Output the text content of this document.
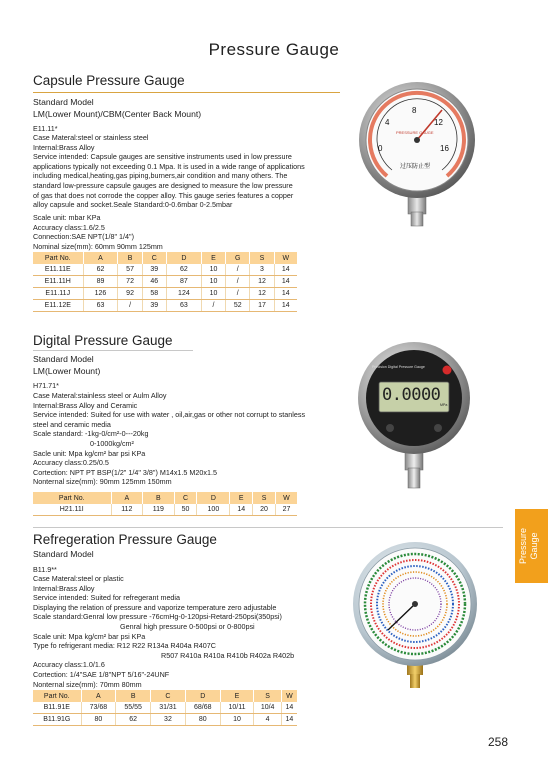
Pressure Gauge
Capsule Pressure Gauge
Standard Model
LM(Lower Mount)/CBM(Center Back Mount)
E11.11*
Case Materal:steel or stainless steel
Internal:Brass Alloy
Service intended: Capsule gauges are sensitive instruments used in low pressure
applications typically not exceeding 0.1 Mpa. It is used in a wide range of applications
including medical,heating,gas piping,burners,air condition and many others. The
standard low-pressure capsule gauges are designed to measure the low pressure
of gas that does not corrode the copper alloy. This gauge series features a copper
alloy capsule and socket.Seale Standard:0-0.6mbar 0-2.5mbar
Scale unit: mbar KPa
Accuracy class:1.6/2.5
Connection:SAE NPT(1/8" 1/4")
Nominal size(mm): 60mm 90mm 125mm
0
4
8
12
16
PRESSURE GAUGE
过压防止型
Part No.	A	B	C	D	E	G	S	W
E11.11E	62	57	39	62	10	/	3	14
E11.11H	89	72	46	87	10	/	12	14
E11.11J	126	92	58	124	10	/	12	14
E11.12E	63	/	39	63	/	52	17	14
Digital Pressure Gauge
Standard Model
LM(Lower Mount)
H71.71*
Case Materal:stainless steel or Aulm Alloy
Internal:Brass Alloy and Ceramic
Service intended: Suited for use with water , oil,air,gas or other not corrupt to stanless
steel and ceramic media
Scale standard: -1kg-0/cm²-0---20kg
0-1000kg/cm²
Sacle unit: Mpa kg/cm² bar psi KPa
Accuracy class:0.25/0.5
Cortection: NPT PT BSP(1/2" 1/4" 3/8") M14x1.5 M20x1.5
Nonternal size(mm): 90mm 125mm 150mm
Precision Digital Pressure Gauge
0.0000 MPa
Part No.	A	B	C	D	E	S	W
H21.11I	112	119	50	100	14	20	27
Refregeration Pressure Gauge
Standard Model
B11.9**
Case Materal:steel or plastic
Internal:Brass Alloy
Service intended: Suited for refregerant media
Displaying the relation of pressure and vaporize temperature zero adjustable
Scale standard:Genral low pressure -76cmHg-0-120psi-Retard-250psi(350psi)
Genral high pressure 0-500psi or 0-800psi
Scale unit: Mpa kg/cm² bar psi KPa
Type fo refrigerant media: R12 R22 R134a R404a R407C
R507 R410a R410a R410b R402a R402b
Accuracy class:1.0/1.6
Cortection: 1/4"SAE 1/8"NPT 5/16"-24UNF
Nonternal size(mm): 70mm 80mm
Part No.	A	B	C	D	E	S	W
B11.91E	73/68	55/55	31/31	68/68	10/11	10/4	14
B11.91G	80	62	32	80	10	4	14
Pressure Gauge
258
